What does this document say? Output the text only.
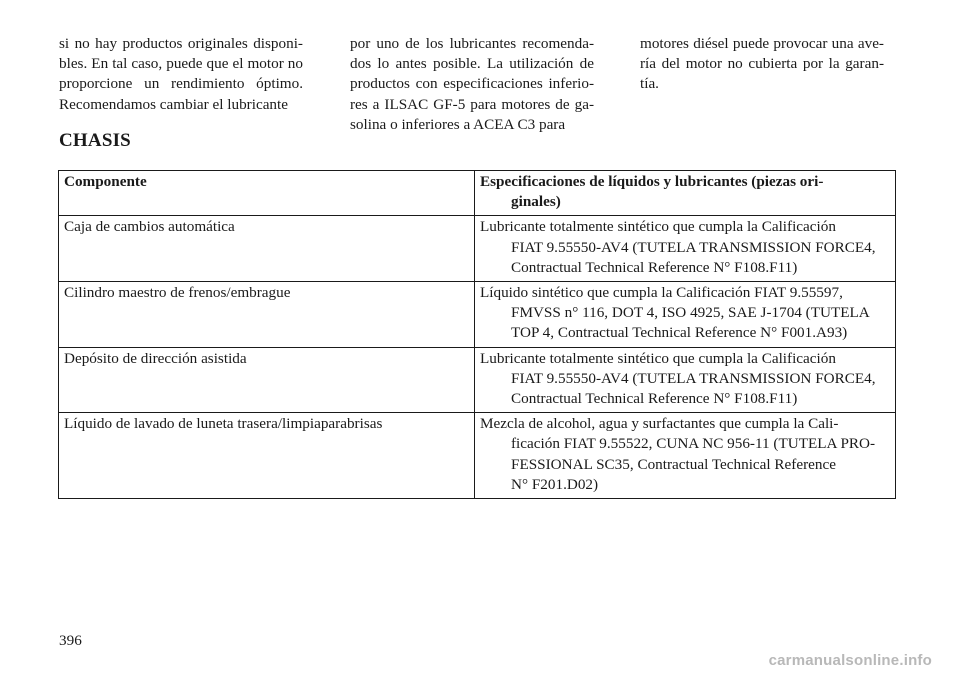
si no hay productos originales disponi-
bles. En tal caso, puede que el motor no
proporcione un rendimiento óptimo.
Recomendamos cambiar el lubricante

por uno de los lubricantes recomenda-
dos lo antes posible. La utilización de
productos con especificaciones inferio-
res a ILSAC GF-5 para motores de ga-
solina o inferiores a ACEA C3 para

motores diésel puede provocar una ave-
ría del motor no cubierta por la garan-
tía.

CHASIS
Componente	Especificaciones de líquidos y lubricantes (piezas ori-
ginales)

Caja de cambios automática	Lubricante totalmente sintético que cumpla la Calificación
FIAT 9.55550-AV4 (TUTELA TRANSMISSION FORCE4,
Contractual Technical Reference N° F108.F11)

Cilindro maestro de frenos/embrague	Líquido sintético que cumpla la Calificación FIAT 9.55597,
FMVSS n° 116, DOT 4, ISO 4925, SAE J-1704 (TUTELA
TOP 4, Contractual Technical Reference N° F001.A93)

Depósito de dirección asistida	Lubricante totalmente sintético que cumpla la Calificación
FIAT 9.55550-AV4 (TUTELA TRANSMISSION FORCE4,
Contractual Technical Reference N° F108.F11)

Líquido de lavado de luneta trasera/limpiaparabrisas	Mezcla de alcohol, agua y surfactantes que cumpla la Cali-
ficación FIAT 9.55522, CUNA NC 956-11 (TUTELA PRO-
FESSIONAL SC35, Contractual Technical Reference
N° F201.D02)
396
carmanualsonline.info
